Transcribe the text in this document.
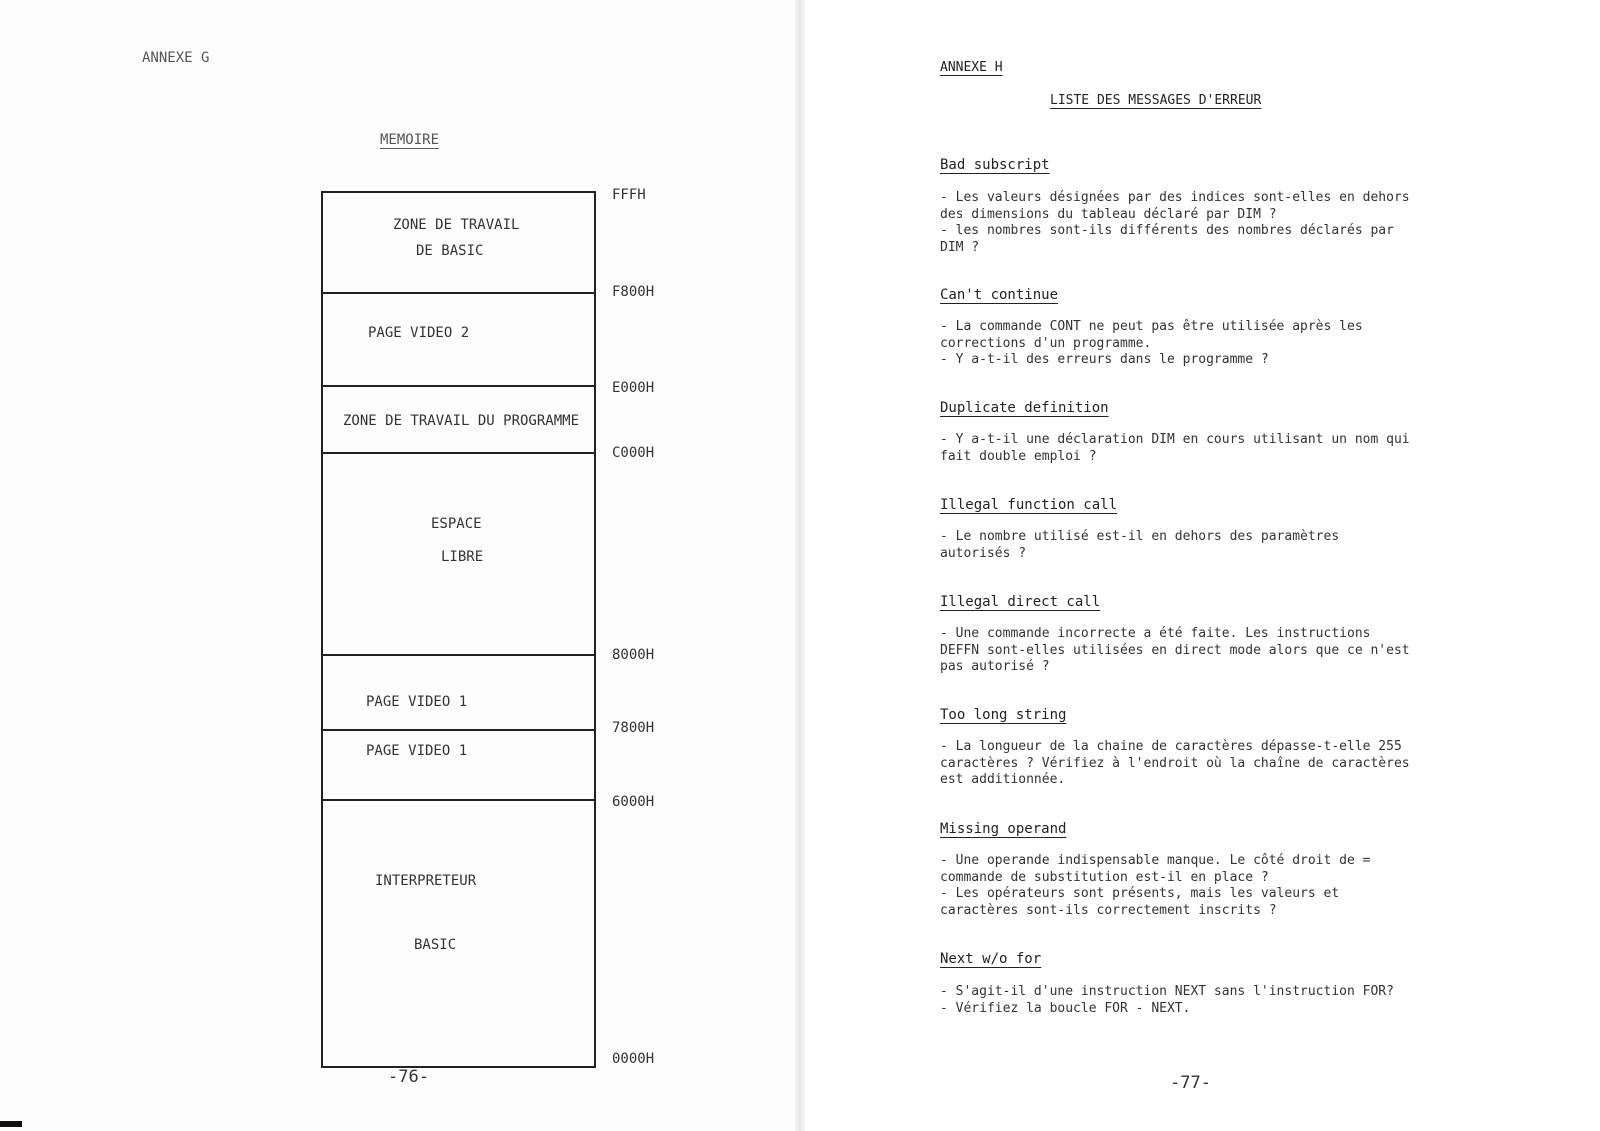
ANNEXE G
MEMOIRE
ZONE DE TRAVAIL
DE BASIC
PAGE VIDEO 2
ZONE DE TRAVAIL DU PROGRAMME
ESPACE
LIBRE
PAGE VIDEO 1
PAGE VIDEO 1
INTERPRETEUR
BASIC
FFFH
F800H
E000H
C000H
8000H
7800H
6000H
0000H
-76-
ANNEXE H
LISTE DES MESSAGES D'ERREUR
Bad subscript
- Les valeurs désignées par des indices sont-elles en dehors
des dimensions du tableau déclaré par DIM ?
- les nombres sont-ils différents des nombres déclarés par
DIM ?
Can't continue
- La commande CONT ne peut pas être utilisée après les
corrections d'un programme.
- Y a-t-il des erreurs dans le programme ?
Duplicate definition
- Y a-t-il une déclaration DIM en cours utilisant un nom qui
fait double emploi ?
Illegal function call
- Le nombre utilisé est-il en dehors des paramètres
autorisés ?
Illegal direct call
- Une commande incorrecte a été faite. Les instructions
DEFFN sont-elles utilisées en direct mode alors que ce n'est
pas autorisé ?
Too long string
- La longueur de la chaine de caractères dépasse-t-elle 255
caractères ? Vérifiez à l'endroit où la chaîne de caractères
est additionnée.
Missing operand
- Une operande indispensable manque. Le côté droit de =
commande de substitution est-il en place ?
- Les opérateurs sont présents, mais les valeurs et
caractères sont-ils correctement inscrits ?
Next w/o for
- S'agit-il d'une instruction NEXT sans l'instruction FOR?
- Vérifiez la boucle FOR - NEXT.
-77-
